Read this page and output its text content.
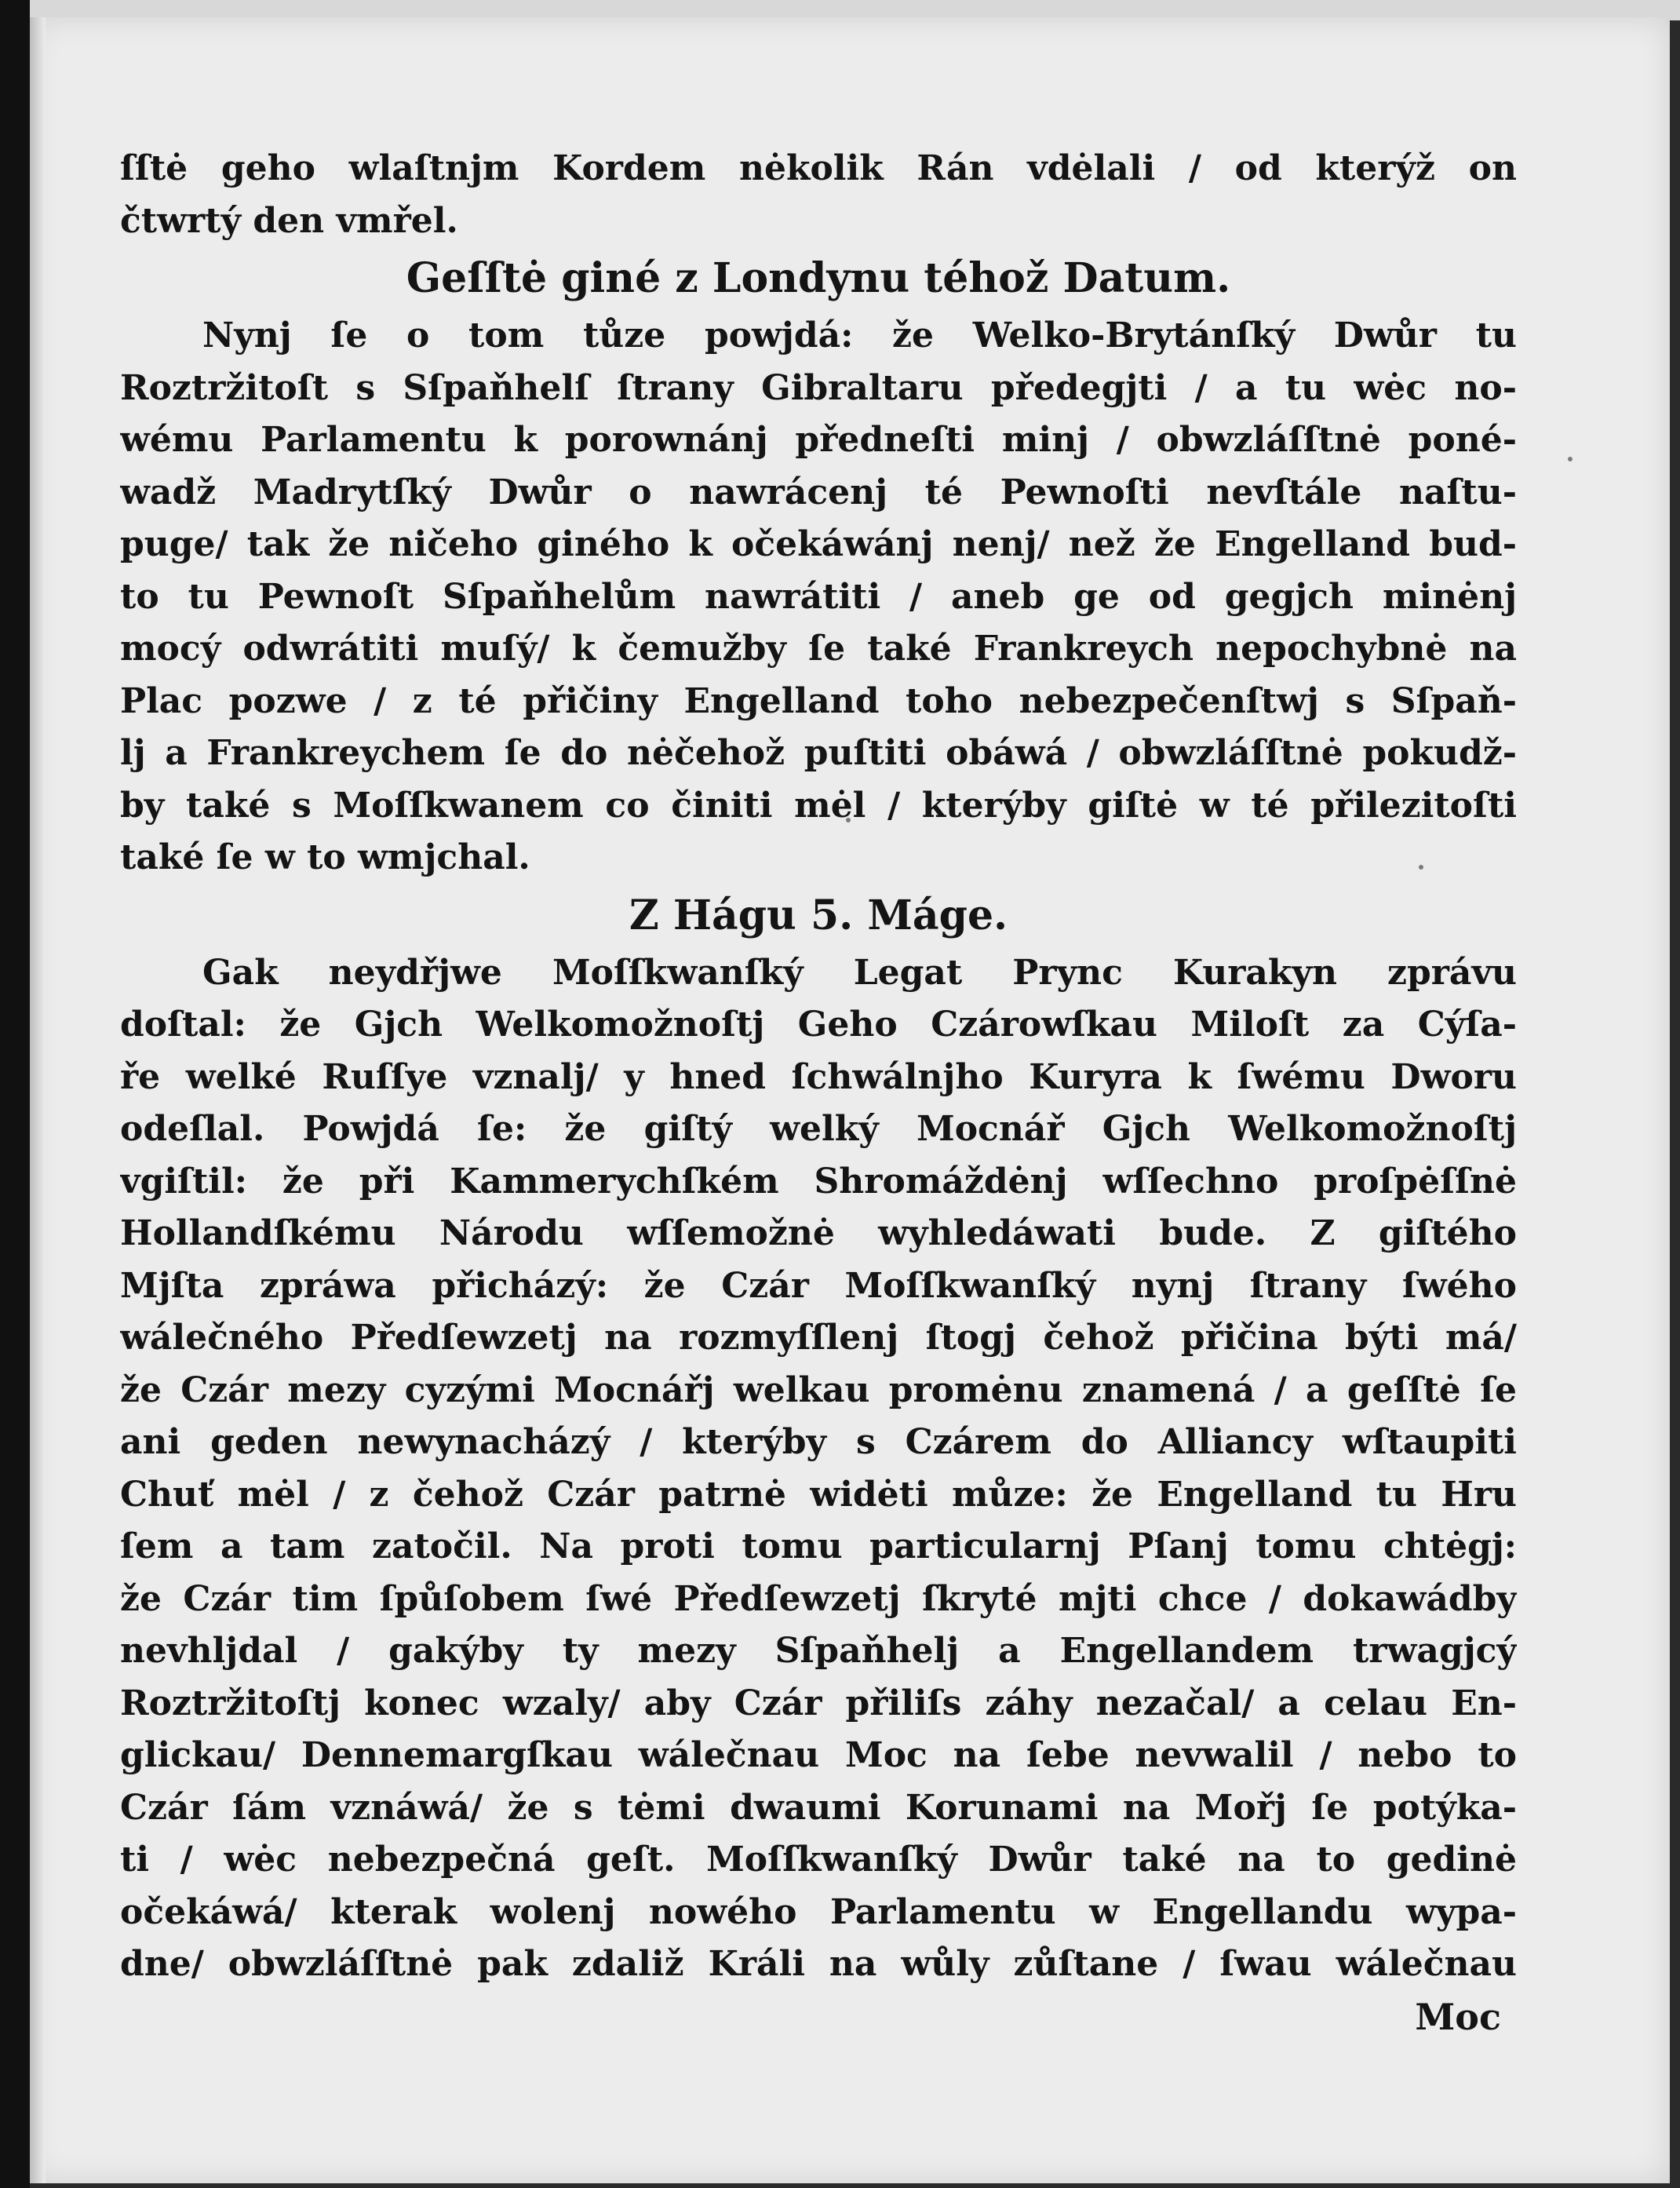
ſſtė gehο wlaſtnjm Kordem nėkolik Rán vdėlali / od kterýž on
čtwrtý den vmřel.
Geſſtė giné z Londynu téhož Datum.
Nynj ſe o tom tůze powjdá: že Welko-Brytánſký Dwůr tu
Roztržitoſt s Sſpaňhelſ ſtrany Gibraltaru předegjti / a tu wėc no-
wému Parlamentu k porownánj předneſti minj / obwzláſſtnė poné-
wadž Madrytſký Dwůr o nawrácenj té Pewnoſti nevſtále naſtu-
puge/ tak že ničeho giného k očekáwánj nenj/ než že Engelland bud-
to tu Pewnoſt Sſpaňhelům nawrátiti / aneb ge od gegjch minėnj
mocý odwrátiti muſý/ k čemužby ſe také Frankreych nepochybnė na
Plac pozwe / z té přičiny Engelland toho nebezpečenſtwj s Sſpaň-
lj a Frankreychem ſe do nėčehož puſtiti obáwá / obwzláſſtnė pokudž-
by také s Moſſkwanem co činiti mėl / kterýby giſtė w té přilezitoſti
také ſe w to wmjchal.
Z Hágu 5. Máge.
Gak neydřjwe Moſſkwanſký Legat Prync Kurakyn zprávu
doſtal: že Gjch Welkomožnoſtj Gehο Czárowſkau Miloſt za Cýſa-
ře welké Ruſſye vznalj/ y hned ſchwálnjho Kuryra k ſwému Dworu
odeſlal. Powjdá ſe: že giſtý welký Mocnář Gjch Welkomožnoſtj
vgiſtil: že při Kammerychſkém Shromáždėnj wſſechno proſpėſſnė
Hollandſkému Národu wſſemožnė wyhledáwati bude. Z giſtého
Mjſta zpráwa přicházý: že Czár Moſſkwanſký nynj ſtrany ſwého
wálečného Předſewzetj na rozmyſſlenj ſtogj čehož přičina býti má/
že Czár mezy cyzými Mocnářj welkau promėnu znamená / a geſſtė ſe
ani geden newynacházý / kterýby s Czárem do Alliancy wſtaupiti
Chuť mėl / z čehož Czár patrnė widėti můze: že Engelland tu Hru
ſem a tam zatočil. Na proti tomu particularnj Pſanj tomu chtėgj:
že Czár tim ſpůſobem ſwé Předſewzetj ſkryté mjti chce / dokawádby
nevhljdal / gakýby ty mezy Sſpaňhelj a Engellandem trwagjcý
Roztržitoſtj konec wzaly/ aby Czár přiliſs záhy nezačal/ a celau En-
glickau/ Dennemargſkau wálečnau Moc na ſebe nevwalil / nebo to
Czár ſám vznáwá/ že s tėmi dwaumi Korunami na Mořj ſe potýka-
ti / wėc nebezpečná geſt. Moſſkwanſký Dwůr také na to gedinė
očekáwá/ kterak wolenj nowého Parlamentu w Engellandu wypa-
dne/ obwzláſſtnė pak zdaliž Králi na wůly zůſtane / ſwau wálečnau
Moc
